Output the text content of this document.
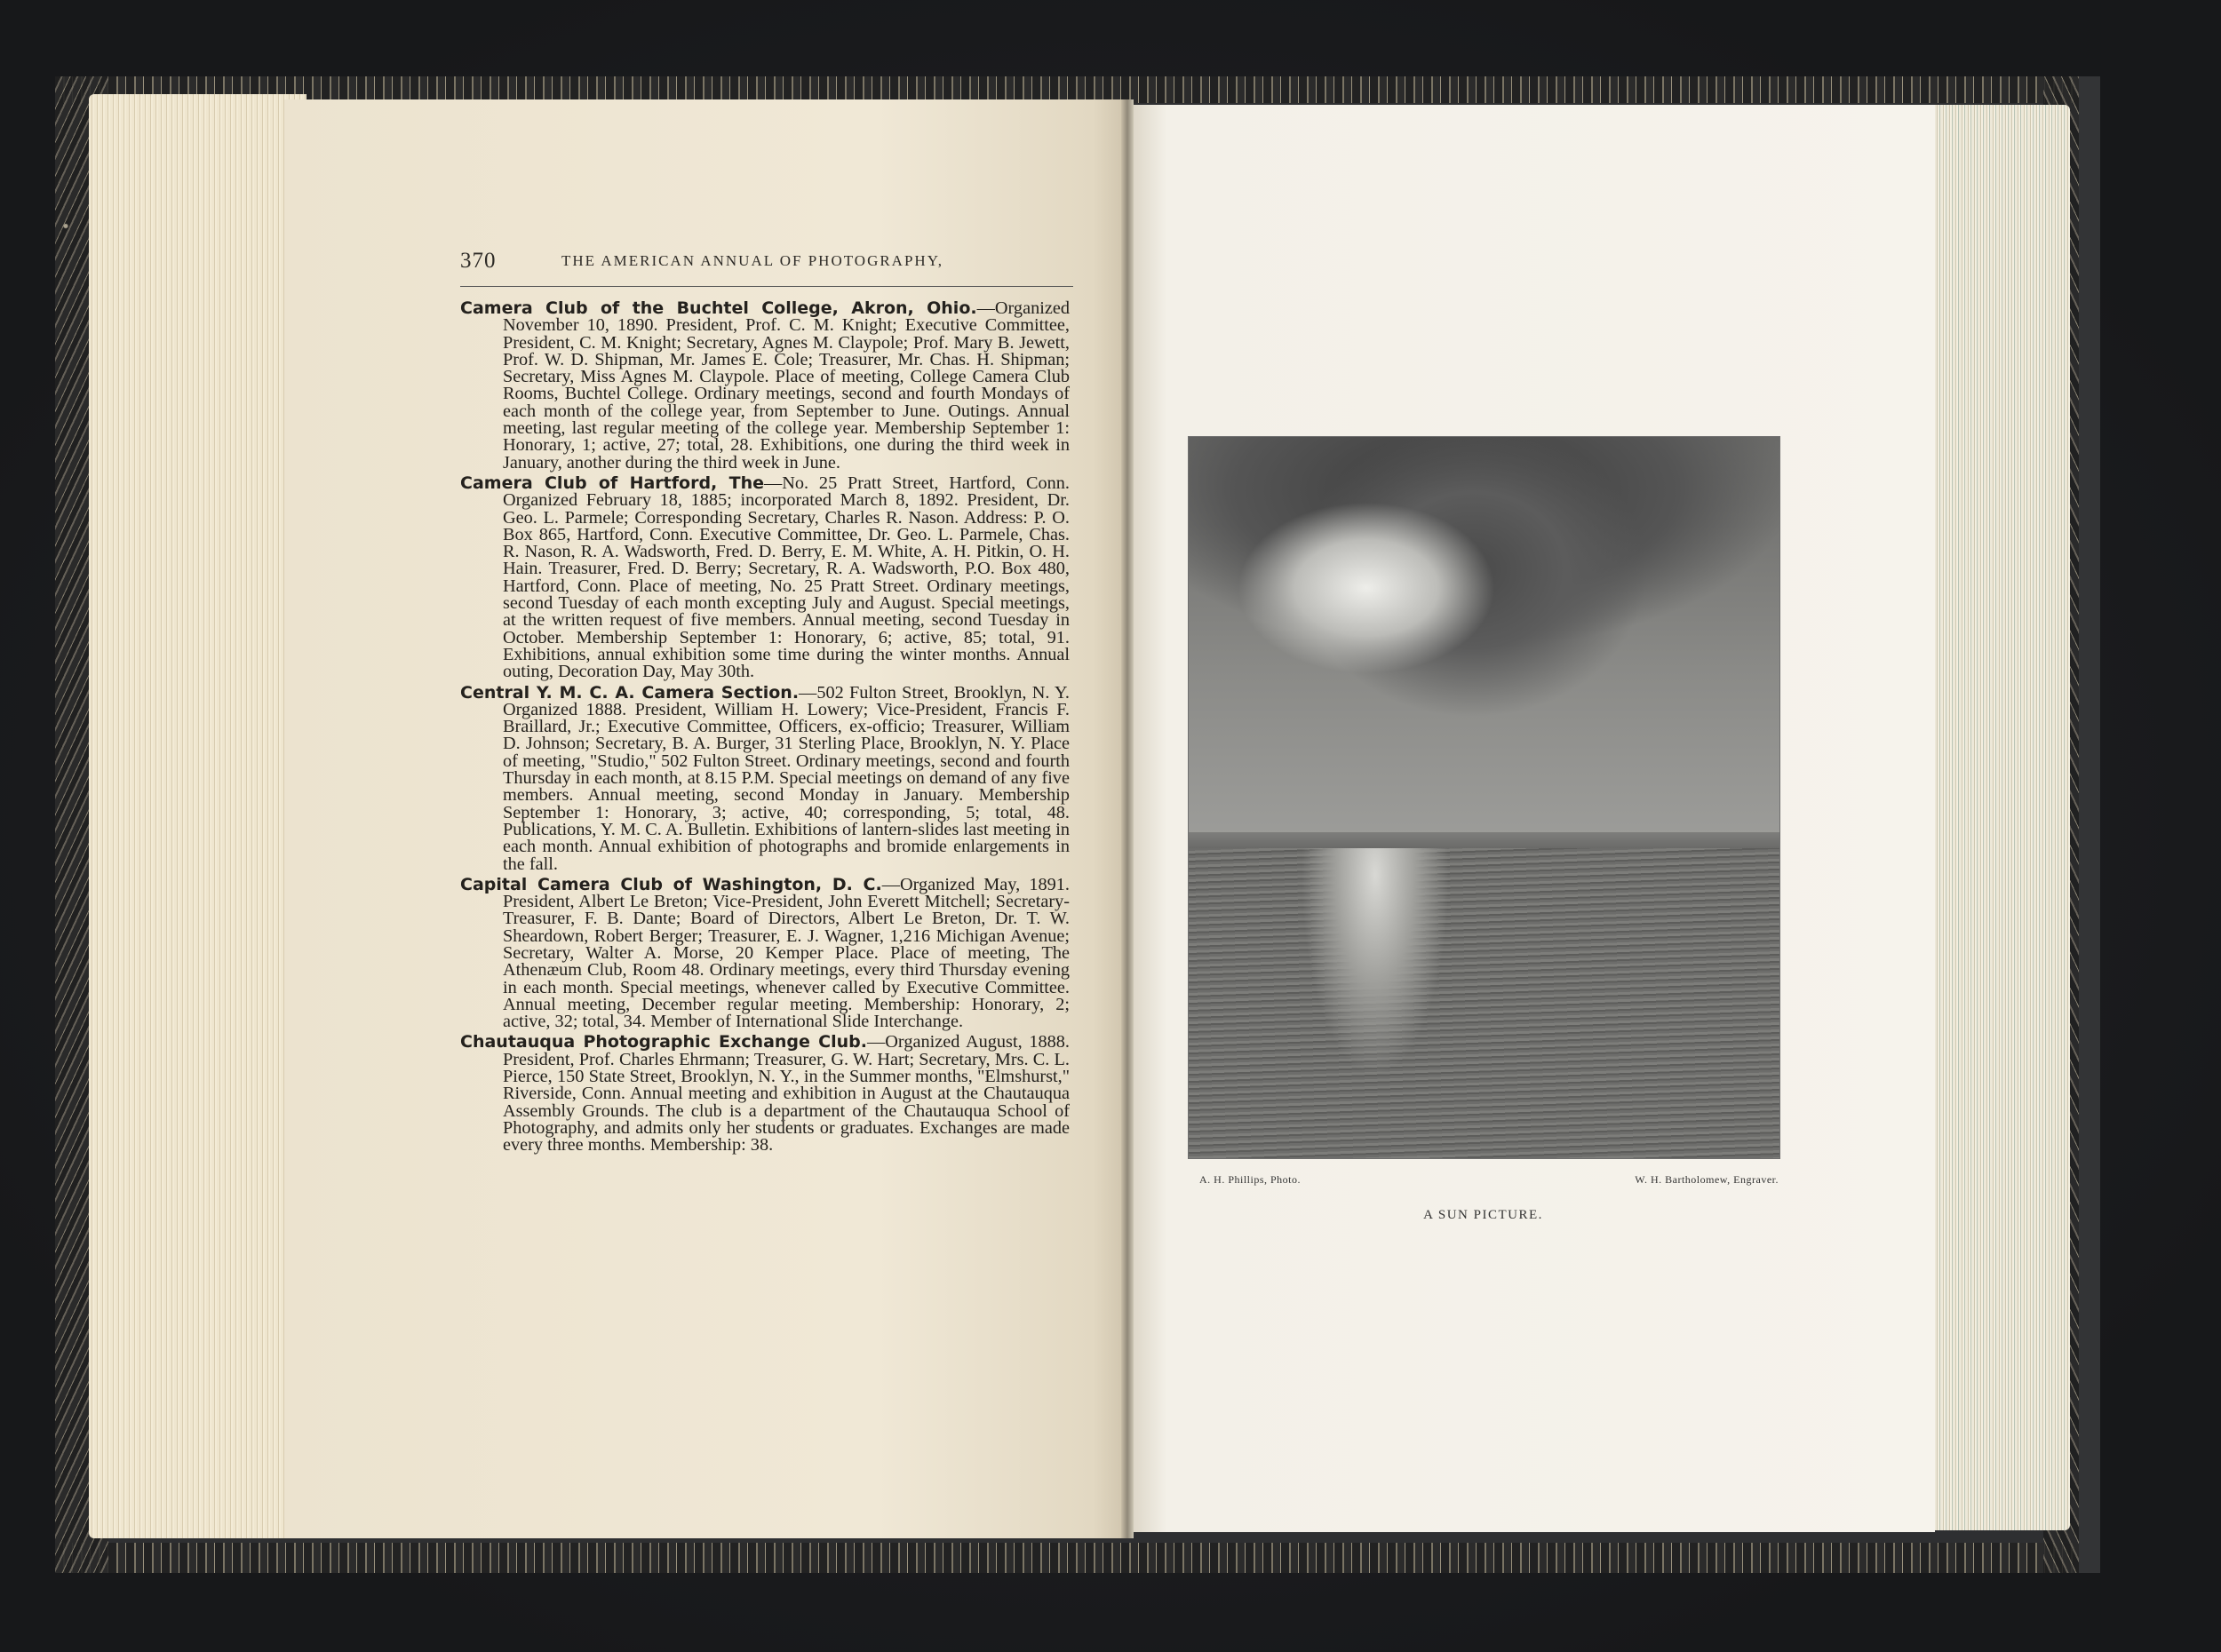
370	THE AMERICAN ANNUAL OF PHOTOGRAPHY,

Camera Club of the Buchtel College, Akron, Ohio.—Organized November 10, 1890. President, Prof. C. M. Knight; Executive Committee, President, C. M. Knight; Secretary, Agnes M. Claypole; Prof. Mary B. Jewett, Prof. W. D. Shipman, Mr. James E. Cole; Treasurer, Mr. Chas. H. Shipman; Secretary, Miss Agnes M. Claypole. Place of meeting, College Camera Club Rooms, Buchtel College. Ordinary meetings, second and fourth Mondays of each month of the college year, from September to June. Outings. Annual meeting, last regular meeting of the college year. Membership September 1: Honorary, 1; active, 27; total, 28. Exhibitions, one during the third week in January, another during the third week in June.

Camera Club of Hartford, The—No. 25 Pratt Street, Hartford, Conn. Organized February 18, 1885; incorporated March 8, 1892. President, Dr. Geo. L. Parmele; Corresponding Secretary, Charles R. Nason. Address: P. O. Box 865, Hartford, Conn. Executive Committee, Dr. Geo. L. Parmele, Chas. R. Nason, R. A. Wadsworth, Fred. D. Berry, E. M. White, A. H. Pitkin, O. H. Hain. Treasurer, Fred. D. Berry; Secretary, R. A. Wadsworth, P.O. Box 480, Hartford, Conn. Place of meeting, No. 25 Pratt Street. Ordinary meetings, second Tuesday of each month excepting July and August. Special meetings, at the written request of five members. Annual meeting, second Tuesday in October. Membership September 1: Honorary, 6; active, 85; total, 91. Exhibitions, annual exhibition some time during the winter months. Annual outing, Decoration Day, May 30th.

Central Y. M. C. A. Camera Section.—502 Fulton Street, Brooklyn, N. Y. Organized 1888. President, William H. Lowery; Vice-President, Francis F. Braillard, Jr.; Executive Committee, Officers, ex-officio; Treasurer, William D. Johnson; Secretary, B. A. Burger, 31 Sterling Place, Brooklyn, N. Y. Place of meeting, "Studio," 502 Fulton Street. Ordinary meetings, second and fourth Thursday in each month, at 8.15 P.M. Special meetings on demand of any five members. Annual meeting, second Monday in January. Membership September 1: Honorary, 3; active, 40; corresponding, 5; total, 48. Publications, Y. M. C. A. Bulletin. Exhibitions of lantern-slides last meeting in each month. Annual exhibition of photographs and bromide enlargements in the fall.

Capital Camera Club of Washington, D. C.—Organized May, 1891. President, Albert Le Breton; Vice-President, John Everett Mitchell; Secretary-Treasurer, F. B. Dante; Board of Directors, Albert Le Breton, Dr. T. W. Sheardown, Robert Berger; Treasurer, E. J. Wagner, 1,216 Michigan Avenue; Secretary, Walter A. Morse, 20 Kemper Place. Place of meeting, The Athenæum Club, Room 48. Ordinary meetings, every third Thursday evening in each month. Special meetings, whenever called by Executive Committee. Annual meeting, December regular meeting. Membership: Honorary, 2; active, 32; total, 34. Member of International Slide Interchange.

Chautauqua Photographic Exchange Club.—Organized August, 1888. President, Prof. Charles Ehrmann; Treasurer, G. W. Hart; Secretary, Mrs. C. L. Pierce, 150 State Street, Brooklyn, N. Y., in the Summer months, "Elmshurst," Riverside, Conn. Annual meeting and exhibition in August at the Chautauqua Assembly Grounds. The club is a department of the Chautauqua School of Photography, and admits only her students or graduates. Exchanges are made every three months. Membership: 38.

A. H. Phillips, Photo.	W. H. Bartholomew, Engraver.
A SUN PICTURE.
